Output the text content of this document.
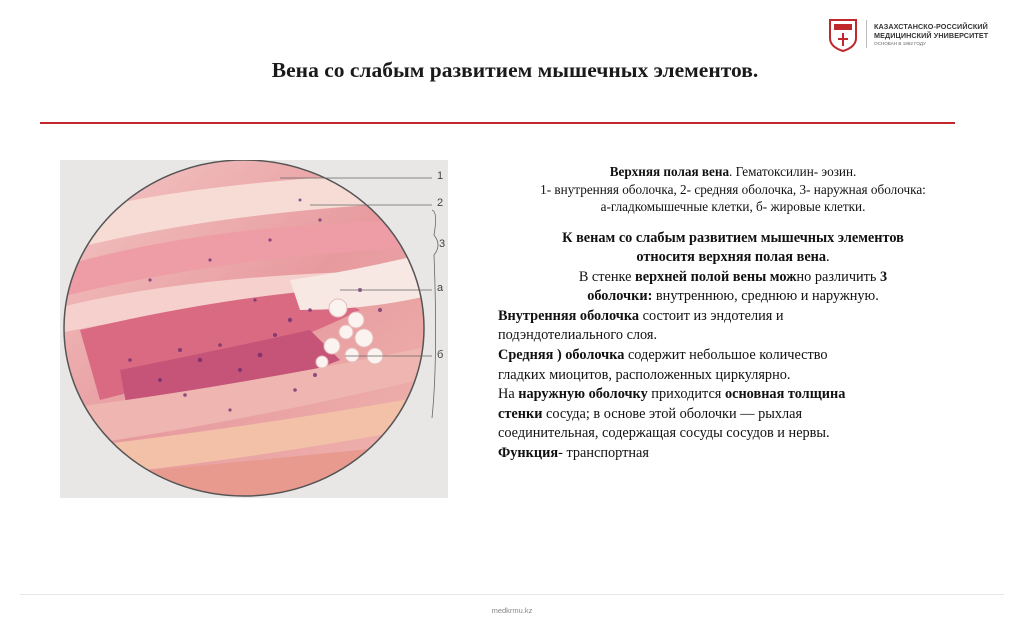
КАЗАХСТАНСКО-РОССИЙСКИЙ
МЕДИЦИНСКИЙ УНИВЕРСИТЕТ
ОСНОВАН В 1992 ГОДУ
Вена со слабым развитием мышечных элементов.
1
2
3
а
б

Верхняя полая вена. Гематоксилин- эозин.

1- внутренняя оболочка, 2- средняя оболочка, 3- наружная оболочка:

а-гладкомышечные клетки, б- жировые клетки.

К венам со слабым развитием мышечных элементов

относитя верхняя полая вена.

В стенке верхней полой вены можно различить 3

оболочки: внутреннюю, среднюю и наружную.

Внутренняя оболочка состоит из эндотелия и

подэндотелиального слоя.

Средняя ) оболочка содержит небольшое количество

гладких миоцитов, расположенных циркулярно.

На наружную оболочку приходится основная толщина

стенки сосуда; в основе этой оболочки — рыхлая

соединительная, содержащая сосуды сосудов и нервы.

Функция- транспортная

medkrmu.kz
